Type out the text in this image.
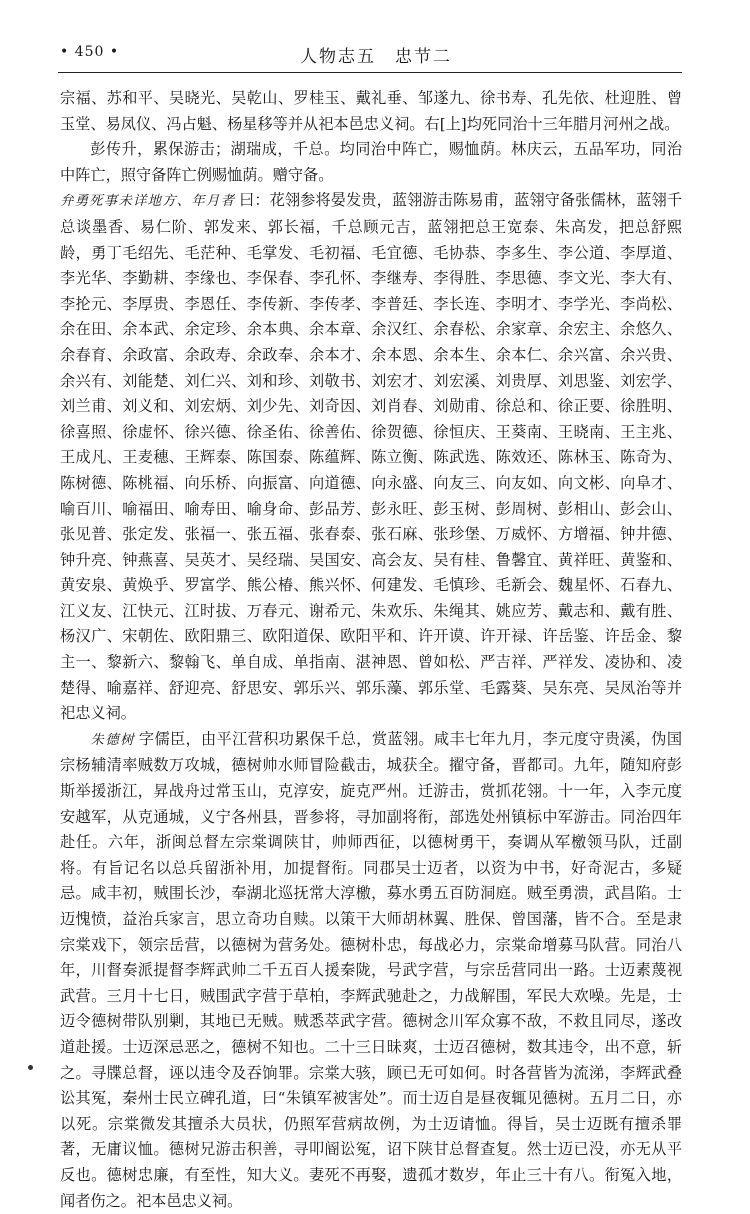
• 450 •	人物志五　忠节二

宗福、苏和平、吴晓光、吴乾山、罗桂玉、戴礼垂、邹遂九、徐书寿、孔先依、杜迎胜、曾玉堂、易凤仪、冯占魁、杨星移等并从祀本邑忠义祠。右[上]均死同治十三年腊月河州之战。

彭传升，累保游击；湖瑞成，千总。均同治中阵亡，赐恤荫。林庆云，五品军功，同治中阵亡，照守备阵亡例赐恤荫。赠守备。

弁勇死事未详地方、年月者 曰：花翎参将晏发贵，蓝翎游击陈易甫，蓝翎守备张儒林，蓝翎千总谈墨香、易仁阶、郭发来、郭长福，千总顾元吉，蓝翎把总王宽泰、朱高发，把总舒熙龄，勇丁毛绍先、毛茫种、毛掌发、毛初福、毛宜德、毛协恭、李多生、李公道、李厚道、李光华、李勤耕、李缘也、李保春、李孔怀、李继寿、李得胜、李思德、李文光、李大有、李抡元、李厚贵、李恩任、李传新、李传孝、李普廷、李长连、李明才、李学光、李尚松、余在田、余本武、余定珍、余本典、余本章、余汉红、余春松、余家章、余宏主、余悠久、余春育、余政富、余政寿、余政奉、余本才、余本恩、余本生、余本仁、余兴富、余兴贵、余兴有、刘能楚、刘仁兴、刘和珍、刘敬书、刘宏才、刘宏溪、刘贵厚、刘思鉴、刘宏学、刘兰甫、刘义和、刘宏炳、刘少先、刘奇因、刘肖春、刘勋甫、徐总和、徐正要、徐胜明、徐喜照、徐虚怀、徐兴德、徐圣佑、徐善佑、徐贺德、徐恒庆、王葵南、王晓南、王主兆、王成凡、王麦穗、王辉泰、陈国泰、陈蕴辉、陈立衡、陈武选、陈效还、陈林玉、陈奇为、陈树德、陈桃福、向乐桥、向振富、向道德、向永盛、向友三、向友如、向文彬、向阜才、喻百川、喻福田、喻寿田、喻身命、彭品芳、彭永旺、彭玉树、彭周树、彭相山、彭会山、张见普、张定发、张福一、张五福、张春泰、张石麻、张珍堡、万威怀、方增福、钟井德、钟升亮、钟燕喜、吴英才、吴经瑞、吴国安、高会友、吴有桂、鲁馨宜、黄祥旺、黄鉴和、黄安泉、黄焕乎、罗富学、熊公椿、熊兴怀、何建发、毛慎珍、毛新会、魏星怀、石春九、江义友、江快元、江时拔、万春元、谢希元、朱欢乐、朱绳其、姚应芳、戴志和、戴有胜、杨汉广、宋朝佐、欧阳鼎三、欧阳道保、欧阳平和、许开谟、许开禄、许岳鉴、许岳金、黎主一、黎新六、黎翰飞、单自成、单指南、湛神恩、曾如松、严吉祥、严祥发、凌协和、凌楚得、喻嘉祥、舒迎亮、舒思安、郭乐兴、郭乐藻、郭乐堂、毛露葵、吴东亮、吴凤治等并祀忠义祠。

朱德树 字儒臣，由平江营积功累保千总，赏蓝翎。咸丰七年九月，李元度守贵溪，伪国宗杨辅清率贼数万攻城，德树帅水师冒险截击，城获全。擢守备，晋都司。九年，随知府彭斯举援浙江，昇战舟过常玉山，克淳安，旋克严州。迁游击，赏抓花翎。十一年，入李元度安越军，从克通城，义宁各州县，晋参将，寻加副将衔，部选处州镇标中军游击。同治四年赴任。六年，浙闽总督左宗棠调陕甘，帅师西征，以德树勇干，奏调从军檄领马队，迁副将。有旨记名以总兵留浙补用，加提督衔。同郡吴士迈者，以资为中书，好奇泥古，多疑忌。咸丰初，贼围长沙，奉湖北巡抚常大淳檄，募水勇五百防洞庭。贼至勇溃，武昌陷。士迈愧愤，益治兵家言，思立奇功自赎。以策干大师胡林翼、胜保、曾国藩，皆不合。至是隶宗棠戏下，领宗岳营，以德树为营务处。德树朴忠，每战必力，宗棠命增募马队营。同治八年，川督奏派提督李辉武帅二千五百人援秦陇，号武字营，与宗岳营同出一路。士迈素蔑视武营。三月十七日，贼围武字营于草柏，李辉武驰赴之，力战解围，军民大欢噪。先是，士迈令德树带队别剿，其地已无贼。贼悉萃武字营。德树念川军众寡不敌，不救且同尽，遂改道赴援。士迈深忌恶之，德树不知也。二十三日昧爽，士迈召德树，数其违令，出不意，斩之。寻牒总督，诬以违令及吞饷罪。宗棠大骇，顾已无可如何。时各营皆为流涕，李辉武叠讼其冤，秦州士民立碑孔道，曰“朱镇军被害处”。而士迈自是昼夜辄见德树。五月二日，亦以死。宗棠微发其擅杀大员状，仍照军营病故例，为士迈请恤。得旨，吴士迈既有擅杀罪著，无庸议恤。德树兄游击积善，寻叩阍讼冤，诏下陕甘总督查复。然士迈已没，亦无从平反也。德树忠廉，有至性，知大义。妻死不再娶，遗孤才数岁，年止三十有八。衔冤入地，闻者伤之。祀本邑忠义祠。
